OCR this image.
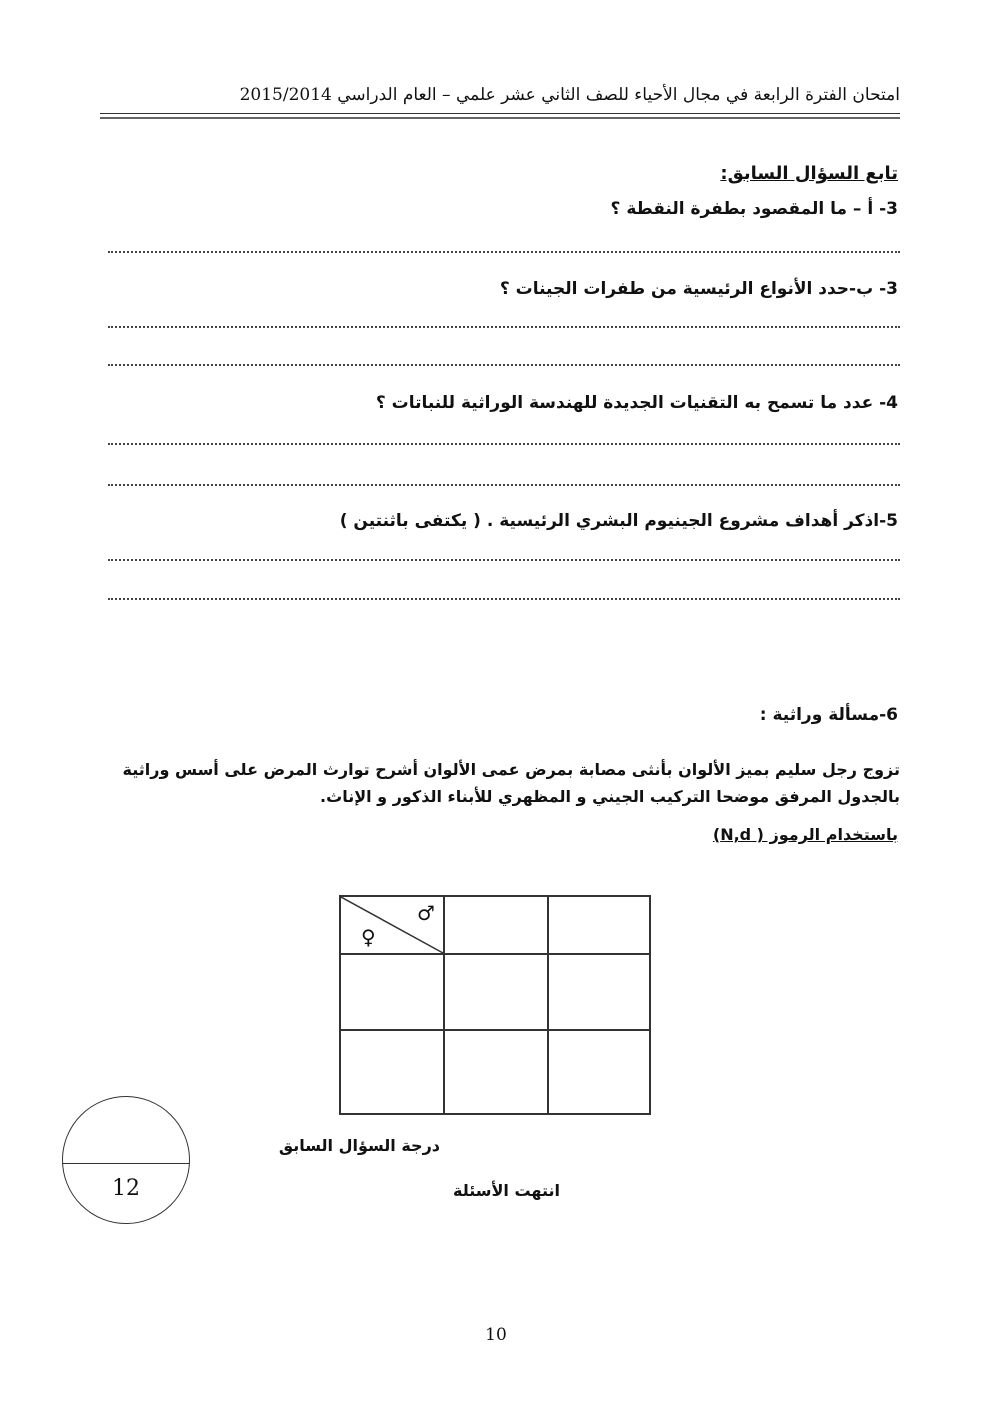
امتحان الفترة الرابعة في مجال الأحياء للصف الثاني عشر علمي – العام الدراسي 2015/2014
تابع السؤال السابق:
3- أ – ما المقصود بطفرة النقطة ؟
3- ب-حدد الأنواع الرئيسية من طفرات الجينات ؟
4- عدد ما تسمح به التقنيات الجديدة للهندسة الوراثية للنباتات ؟
5-اذكر أهداف مشروع الجينيوم البشري الرئيسية . ( يكتفى باثنتين )
6-مسألة وراثية :
تزوج رجل سليم بميز الألوان بأنثى مصابة بمرض عمى الألوان أشرح توارث المرض على أسس وراثية
بالجدول المرفق موضحا التركيب الجيني و المظهري للأبناء الذكور و الإناث.
باستخدام الرموز ( N,d)
♂
♀
12
درجة السؤال السابق
انتهت الأسئلة
10
